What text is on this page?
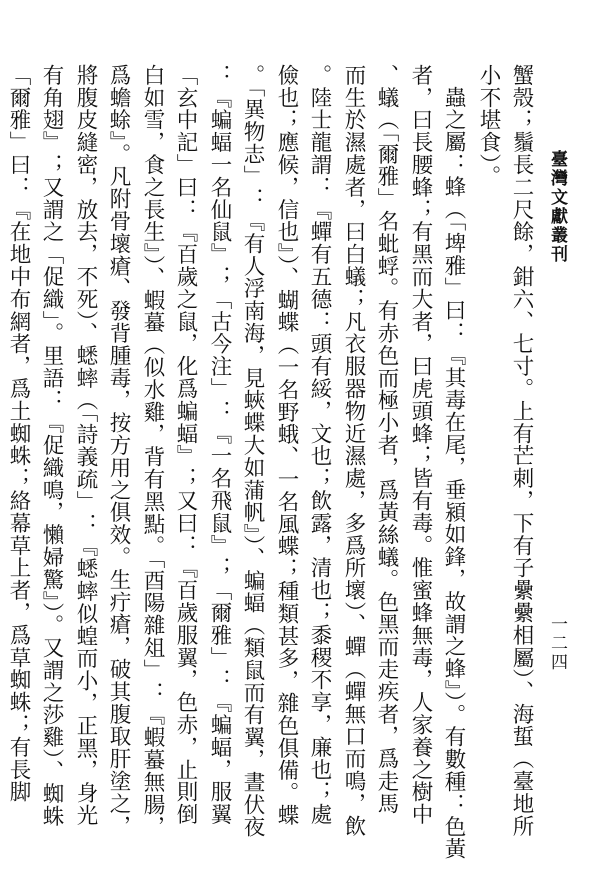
臺灣文獻叢刊
一二四
蟹殼；鬚長二尺餘，鉗六、七寸。上有芒刺，下有子纍纍相屬）、海蜇（臺地所
小不堪食）。
蟲之屬：蜂（「埤雅」曰：『其毒在尾，垂潁如鋒，故謂之蜂』）。有數種：色黃
者，曰長腰蜂；有黑而大者，曰虎頭蜂；皆有毒。惟蜜蜂無毒，人家養之樹中
、蟻（「爾雅」名蚍蜉。有赤色而極小者，爲黃絲蟻。色黑而走疾者，爲走馬
而生於濕處者，曰白蟻；凡衣服器物近濕處，多爲所壞）、蟬（蟬無口而鳴，飲
。陸士龍謂：『蟬有五德：頭有綏，文也；飲露，清也；黍稷不享，廉也；處
儉也；應候，信也』）、蝴蝶（一名野蛾、一名風蝶；種類甚多，雜色俱備。蝶
。「異物志」：『有人浮南海，見蛺蝶大如蒲帆』）、蝙蝠（類鼠而有翼，晝伏夜
：『蝙蝠一名仙鼠』；「古今注」：『一名飛鼠』；「爾雅」：『蝙蝠，服翼
「玄中記」曰：『百歲之鼠，化爲蝙蝠』；又曰：『百歲服翼，色赤，止則倒
白如雪，食之長生』）、蝦蟇（似水雞，背有黑點。「酉陽雜俎」：『蝦蟇無腸，
爲蟾蜍』。凡附骨壞瘡、發背腫毒，按方用之俱效。生疔瘡，破其腹取肝塗之，
將腹皮縫密，放去，不死）、蟋蟀（「詩義疏」：『蟋蟀似蝗而小，正黑，身光
有角翅』；又謂之「促織」。里語：『促織鳴，懶婦驚』）。又謂之莎雞）、蜘蛛
「爾雅」曰：『在地中布網者，爲土蜘蛛；絡幕草上者，爲草蜘蛛；有長脚
